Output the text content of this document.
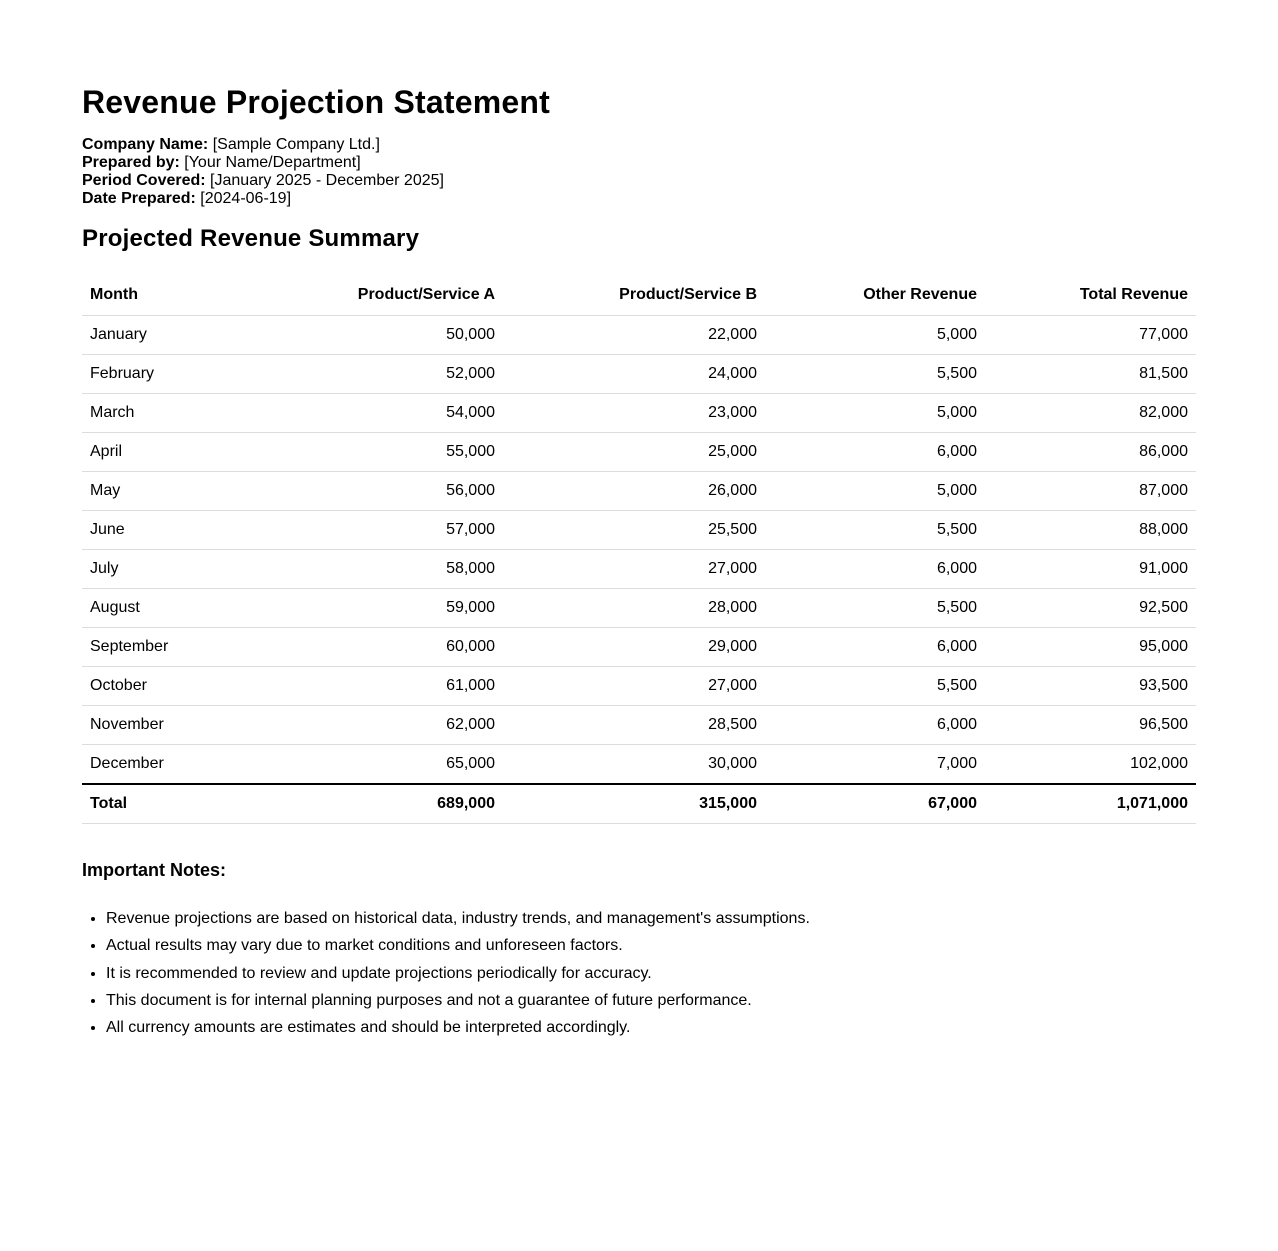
Revenue Projection Statement
Company Name: [Sample Company Ltd.]
Prepared by: [Your Name/Department]
Period Covered: [January 2025 - December 2025]
Date Prepared: [2024-06-19]
Projected Revenue Summary
Month	Product/Service A	Product/Service B	Other Revenue	Total Revenue
January	50,000	22,000	5,000	77,000
February	52,000	24,000	5,500	81,500
March	54,000	23,000	5,000	82,000
April	55,000	25,000	6,000	86,000
May	56,000	26,000	5,000	87,000
June	57,000	25,500	5,500	88,000
July	58,000	27,000	6,000	91,000
August	59,000	28,000	5,500	92,500
September	60,000	29,000	6,000	95,000
October	61,000	27,000	5,500	93,500
November	62,000	28,500	6,000	96,500
December	65,000	30,000	7,000	102,000
Total	689,000	315,000	67,000	1,071,000
Important Notes:
• Revenue projections are based on historical data, industry trends, and management's assumptions.
• Actual results may vary due to market conditions and unforeseen factors.
• It is recommended to review and update projections periodically for accuracy.
• This document is for internal planning purposes and not a guarantee of future performance.
• All currency amounts are estimates and should be interpreted accordingly.
